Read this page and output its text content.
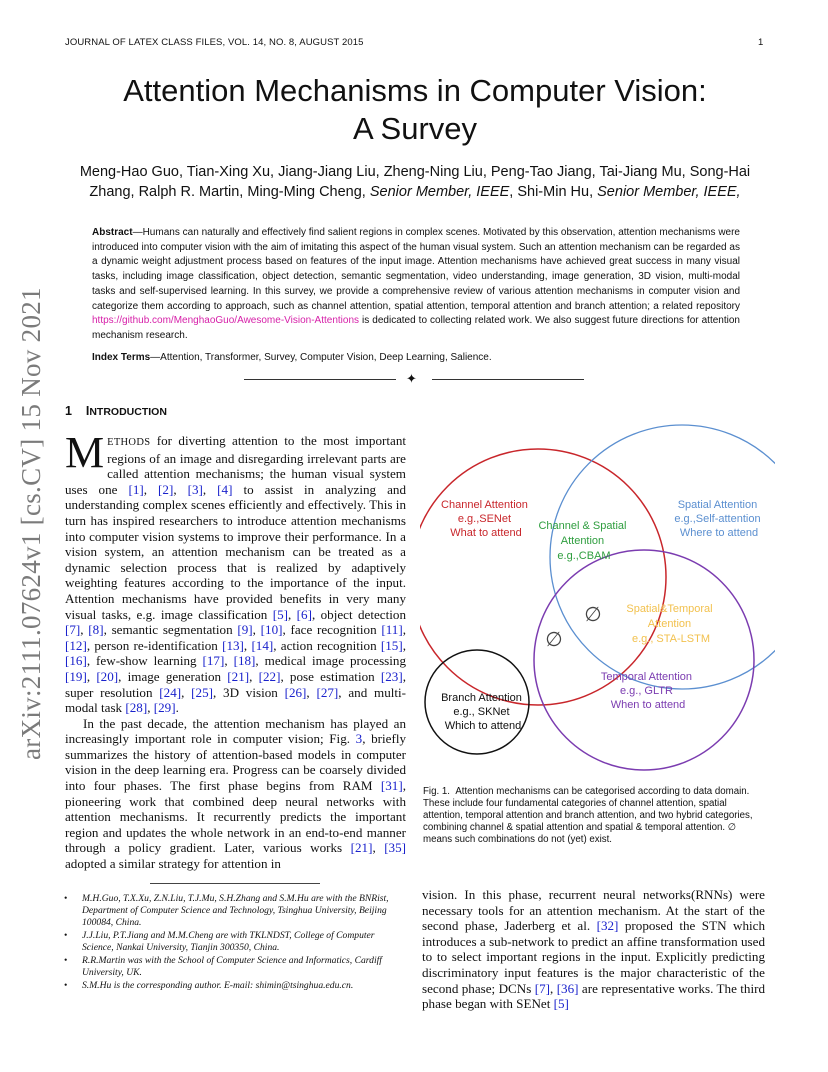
JOURNAL OF LATEX CLASS FILES, VOL. 14, NO. 8, AUGUST 2015	1
arXiv:2111.07624v1 [cs.CV] 15 Nov 2021
Attention Mechanisms in Computer Vision:
A Survey
Meng-Hao Guo, Tian-Xing Xu, Jiang-Jiang Liu, Zheng-Ning Liu, Peng-Tao Jiang, Tai-Jiang Mu, Song-Hai
Zhang, Ralph R. Martin, Ming-Ming Cheng, Senior Member, IEEE, Shi-Min Hu, Senior Member, IEEE,
Abstract—Humans can naturally and effectively find salient regions in complex scenes. Motivated by this observation, attention mechanisms were introduced into computer vision with the aim of imitating this aspect of the human visual system. Such an attention mechanism can be regarded as a dynamic weight adjustment process based on features of the input image. Attention mechanisms have achieved great success in many visual tasks, including image classification, object detection, semantic segmentation, video understanding, image generation, 3D vision, multi-modal tasks and self-supervised learning. In this survey, we provide a comprehensive review of various attention mechanisms in computer vision and categorize them according to approach, such as channel attention, spatial attention, temporal attention and branch attention; a related repository https://github.com/MenghaoGuo/Awesome-Vision-Attentions is dedicated to collecting related work. We also suggest future directions for attention mechanism research.
Index Terms—Attention, Transformer, Survey, Computer Vision, Deep Learning, Salience.
✦
1 INTRODUCTION

METHODS for diverting attention to the most important regions of an image and disregarding irrelevant parts are called attention mechanisms; the human visual system uses one [1], [2], [3], [4] to assist in analyzing and understanding complex scenes efficiently and effectively. This in turn has inspired researchers to introduce attention mechanisms into computer vision systems to improve their performance. In a vision system, an attention mechanism can be treated as a dynamic selection process that is realized by adaptively weighting features according to the importance of the input. Attention mechanisms have provided benefits in very many visual tasks, e.g. image classification [5], [6], object detection [7], [8], semantic segmentation [9], [10], face recognition [11], [12], person re-identification [13], [14], action recognition [15], [16], few-show learning [17], [18], medical image processing [19], [20], image generation [21], [22], pose estimation [23], super resolution [24], [25], 3D vision [26], [27], and multi-modal task [28], [29].

In the past decade, the attention mechanism has played an increasingly important role in computer vision; Fig. 3, briefly summarizes the history of attention-based models in computer vision in the deep learning era. Progress can be coarsely divided into four phases. The first phase begins from RAM [31], pioneering work that combined deep neural networks with attention mechanisms. It recurrently predicts the important region and updates the whole network in an end-to-end manner through a policy gradient. Later, various works [21], [35] adopted a similar strategy for attention in

Channel Attention e.g.,SENet What to attend
Spatial Attention e.g.,Self-attention Where to attend
Channel & Spatial Attention e.g.,CBAM
Spatial&Temporal Attention e.g., STA-LSTM
Temporal Attention e.g., GLTR When to attend
Branch Attention e.g., SKNet Which to attend
∅
∅
Fig. 1. Attention mechanisms can be categorised according to data domain. These include four fundamental categories of channel attention, spatial attention, temporal attention and branch attention, and two hybrid categories, combining channel & spatial attention and spatial & temporal attention. ∅ means such combinations do not (yet) exist.
• M.H.Guo, T.X.Xu, Z.N.Liu, T.J.Mu, S.H.Zhang and S.M.Hu are with the BNRist, Department of Computer Science and Technology, Tsinghua University, Beijing 100084, China.
• J.J.Liu, P.T.Jiang and M.M.Cheng are with TKLNDST, College of Computer Science, Nankai University, Tianjin 300350, China.
• R.R.Martin was with the School of Computer Science and Informatics, Cardiff University, UK.
• S.M.Hu is the corresponding author. E-mail: shimin@tsinghua.edu.cn.

vision. In this phase, recurrent neural networks(RNNs) were necessary tools for an attention mechanism. At the start of the second phase, Jaderberg et al. [32] proposed the STN which introduces a sub-network to predict an affine transformation used to to select important regions in the input. Explicitly predicting discriminatory input features is the major characteristic of the second phase; DCNs [7], [36] are representative works. The third phase began with SENet [5]
